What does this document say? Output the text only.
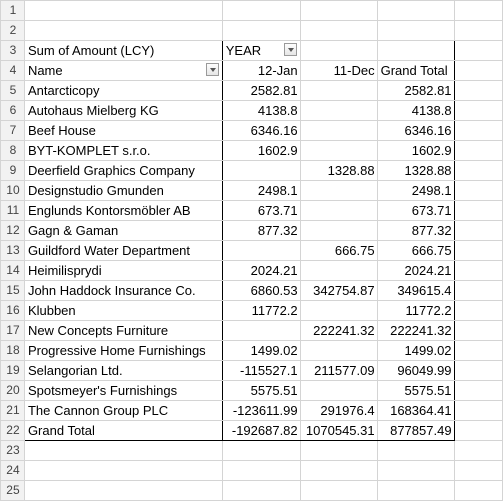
1					
2					
3	Sum of Amount (LCY)	YEAR			

4	Name	12-Jan	11-Dec	Grand Total	
5	Antarcticopy	2582.81		2582.81	
6	Autohaus Mielberg KG	4138.8		4138.8	
7	Beef House	6346.16		6346.16	
8	BYT-KOMPLET s.r.o.	1602.9		1602.9	
9	Deerfield Graphics Company		1328.88	1328.88	
10	Designstudio Gmunden	2498.1		2498.1	
11	Englunds Kontorsmöbler AB	673.71		673.71	
12	Gagn & Gaman	877.32		877.32	
13	Guildford Water Department		666.75	666.75	
14	Heimilisprydi	2024.21		2024.21	
15	John Haddock Insurance Co.	6860.53	342754.87	349615.4	
16	Klubben	11772.2		11772.2	
17	New Concepts Furniture		222241.32	222241.32	
18	Progressive Home Furnishings	1499.02		1499.02	
19	Selangorian Ltd.	-115527.1	211577.09	96049.99	
20	Spotsmeyer's Furnishings	5575.51		5575.51	
21	The Cannon Group PLC	-123611.99	291976.4	168364.41	
22	Grand Total	-192687.82	1070545.31	877857.49	
23					
24					
25					
